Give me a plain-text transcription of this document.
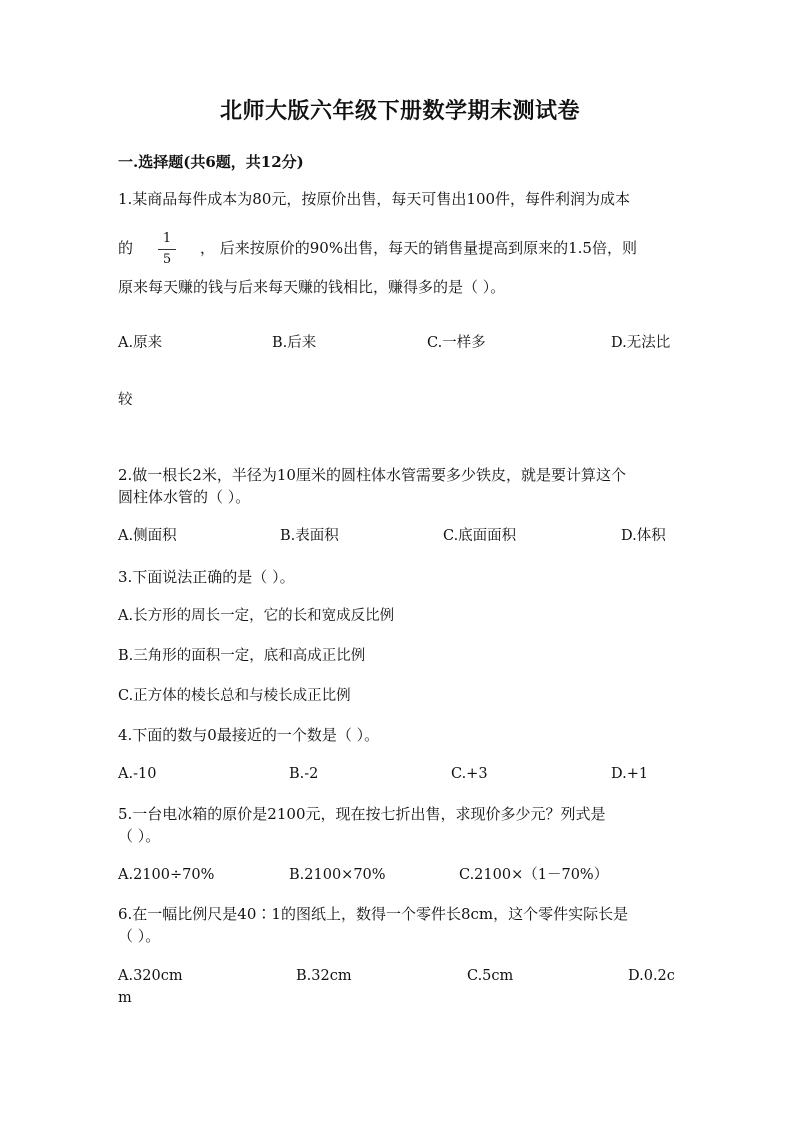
北师大版六年级下册数学期末测试卷
一.选择题(共6题，共12分)
1.某商品每件成本为80元，按原价出售，每天可售出100件，每件利润为成本
的
1
5
， 后来按原价的90%出售，每天的销售量提高到原来的1.5倍，则
原来每天赚的钱与后来每天赚的钱相比，赚得多的是（ ）。
A.原来	B.后来	C.一样多	D.无法比
较
2.做一根长2米，半径为10厘米的圆柱体水管需要多少铁皮，就是要计算这个
圆柱体水管的（ ）。
A.侧面积	B.表面积	C.底面面积	D.体积
3.下面说法正确的是（ ）。
A.长方形的周长一定，它的长和宽成反比例
B.三角形的面积一定，底和高成正比例
C.正方体的棱长总和与棱长成正比例
4.下面的数与0最接近的一个数是（ ）。
A.-10	B.-2	C.+3	D.+1
5.一台电冰箱的原价是2100元，现在按七折出售，求现价多少元？列式是
（ ）。
A.2100÷70%	B.2100×70%	C.2100×（1－70%）
6.在一幅比例尺是40∶1的图纸上，数得一个零件长8cm，这个零件实际长是
（ ）。
A.320cm	B.32cm	C.5cm	D.0.2c
m
